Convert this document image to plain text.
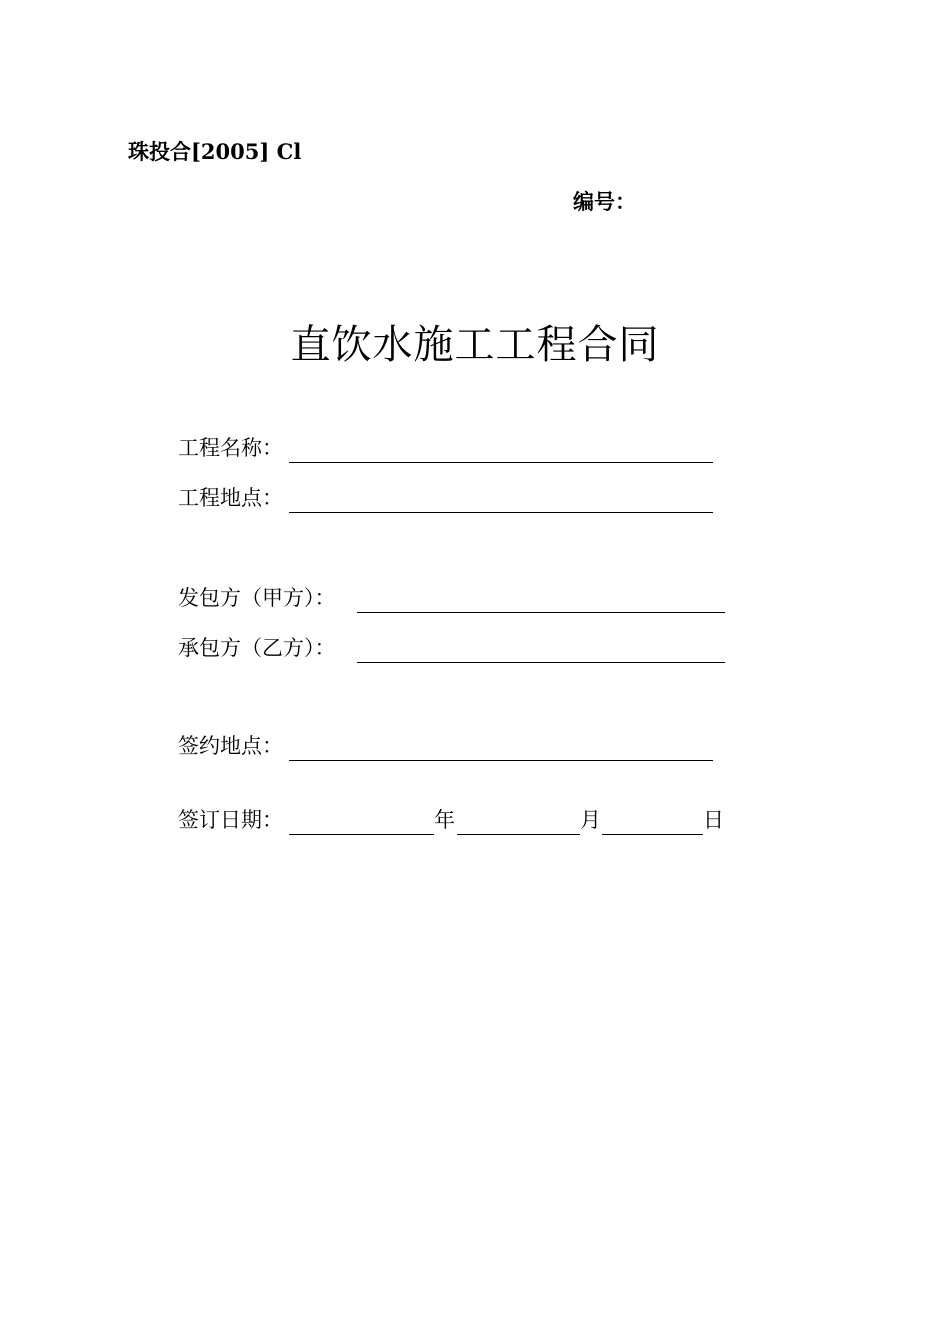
珠投合[2005] Cl
编号：
直饮水施工工程合同
工程名称：
工程地点：
发包方（甲方）：
承包方（乙方）：
签约地点：
签订日期：	年	月	日
